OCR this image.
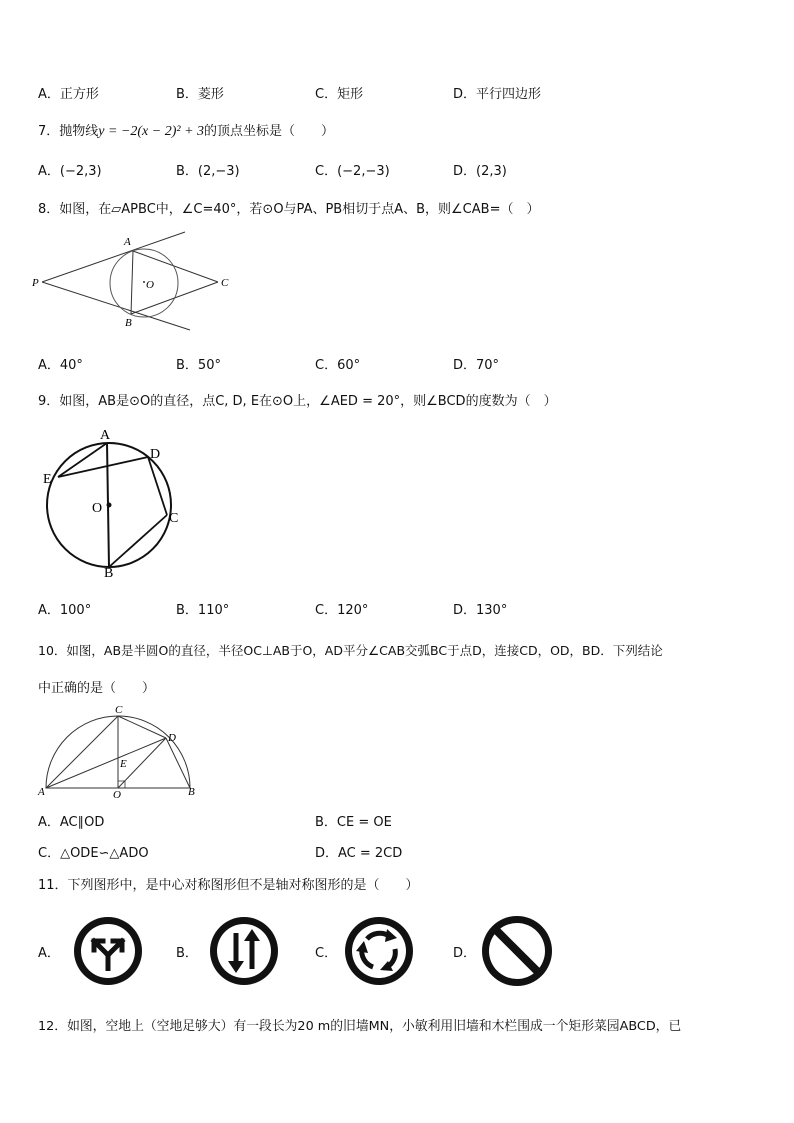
A．正方形	B．菱形	C．矩形	D．平行四边形
7．抛物线y = −2(x − 2)² + 3的顶点坐标是（　　）
A．(−2,3)	B．(2,−3)	C．(−2,−3)	D．(2,3)
8．如图，在▱APBC中，∠C=40°，若⊙O与PA、PB相切于点A、B，则∠CAB=（　）
P
A
B
C
O
A．40°	B．50°	C．60°	D．70°
9．如图，AB是⊙O的直径，点C, D, E在⊙O上，∠AED = 20°，则∠BCD的度数为（　）
A
D
E
O
C
B
A．100°	B．110°	C．120°	D．130°
10．如图，AB是半圆O的直径，半径OC⊥AB于O，AD平分∠CAB交弧BC于点D，连接CD，OD，BD．下列结论
中正确的是（　　）
C
D
E
A	O	B
A．AC∥OD	B．CE = OE
C．△ODE∽△ADO	D．AC = 2CD
11．下列图形中，是中心对称图形但不是轴对称图形的是（　　）
A．	B．	C．	D．
12．如图，空地上（空地足够大）有一段长为20 m的旧墙MN，小敏利用旧墙和木栏围成一个矩形菜园ABCD，已
